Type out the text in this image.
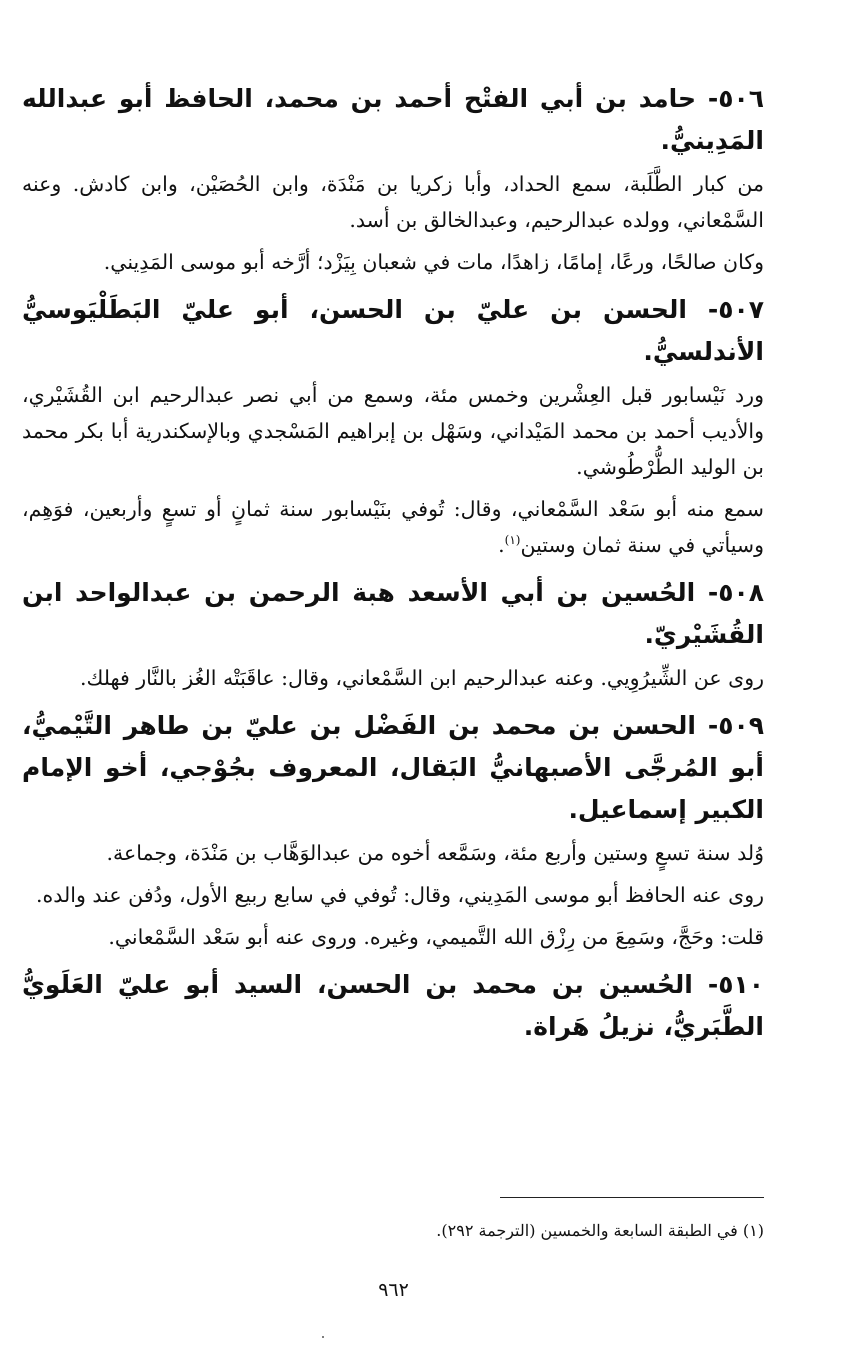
٥٠٦- حامد بن أبي الفتْح أحمد بن محمد، الحافظ أبو عبدالله المَدِينيُّ.
من كبار الطَّلَبة، سمع الحداد، وأبا زكريا بن مَنْدَة، وابن الحُصَيْن، وابن كادش. وعنه السَّمْعاني، وولده عبدالرحيم، وعبدالخالق بن أسد.
وكان صالحًا، ورعًا، إمامًا، زاهدًا، مات في شعبان بِيَزْد؛ أرَّخه أبو موسى المَدِيني.
٥٠٧- الحسن بن عليّ بن الحسن، أبو عليّ البَطَلْيَوسيُّ الأندلسيُّ.
ورد نَيْسابور قبل العِشْرين وخمس مئة، وسمع من أبي نصر عبدالرحيم ابن القُشَيْري، والأديب أحمد بن محمد المَيْداني، وسَهْل بن إبراهيم المَسْجدي وبالإسكندرية أبا بكر محمد بن الوليد الطُّرْطُوشي.
سمع منه أبو سَعْد السَّمْعاني، وقال: تُوفي بنَيْسابور سنة ثمانٍ أو تسعٍ وأربعين، فوَهِم، وسيأتي في سنة ثمان وستين$^{(١)}$.
٥٠٨- الحُسين بن أبي الأسعد هبة الرحمن بن عبدالواحد ابن القُشَيْريّ.
روى عن الشِّيرُوِيي. وعنه عبدالرحيم ابن السَّمْعاني، وقال: عاقَبَتْه الغُز بالنَّار فهلك.
٥٠٩- الحسن بن محمد بن الفَضْل بن عليّ بن طاهر التَّيْميُّ، أبو المُرجَّى الأصبهانيُّ البَقال، المعروف بجُوْجي، أخو الإمام الكبير إسماعيل.
وُلد سنة تسعٍ وستين وأربع مئة، وسَمَّعه أخوه من عبدالوَهَّاب بن مَنْدَة، وجماعة.
روى عنه الحافظ أبو موسى المَدِيني، وقال: تُوفي في سابع ربيع الأول، ودُفن عند والده.
قلت: وحَجَّ، وسَمِعَ من رِزْق الله التَّميمي، وغيره. وروى عنه أبو سَعْد السَّمْعاني.
٥١٠- الحُسين بن محمد بن الحسن، السيد أبو عليّ العَلَويُّ الطَّبَريُّ، نزيلُ هَراة.
(١) في الطبقة السابعة والخمسين (الترجمة ٢٩٢).
٩٦٢
